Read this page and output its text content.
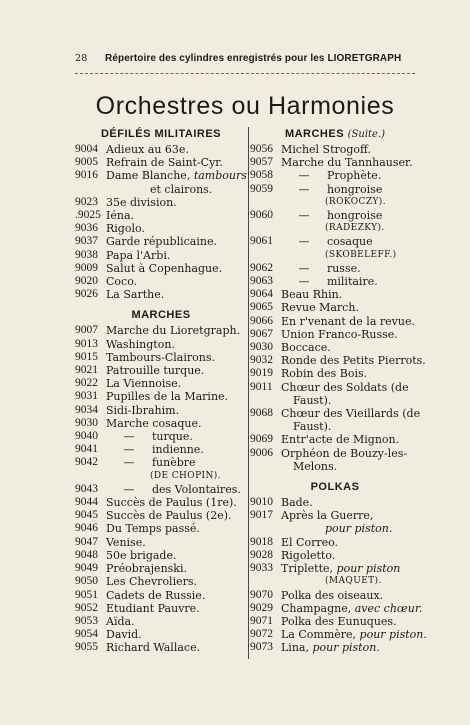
28 Répertoire des cylindres enregistrés pour les LIORETGRAPH
Orchestres ou Harmonies
DÉFILÉS MILITAIRES
9004 Adieux au 63e.
9005 Refrain de Saint-Cyr.
9016 Dame Blanche, tambours
et clairons.
9023 35e division.
.9025 Iéna.
9036 Rigolo.
9037 Garde républicaine.
9038 Papa l'Arbi.
9009 Salut à Copenhague.
9020 Coco.
9026 La Sarthe.
MARCHES
9007 Marche du Lioretgraph.
9013 Washington.
9015 Tambours-Clairons.
9021 Patrouille turque.
9022 La Viennoise.
9031 Pupilles de la Marine.
9034 Sidi-Ibrahim.
9030 Marche cosaque.
9040 —     turque.
9041 —     indienne.
9042 —     funèbre
(DE CHOPIN).
9043 —     des Volontaires.
9044 Succès de Paulus (1re).
9045 Succès de Paulus (2e).
9046 Du Temps passé.
9047 Venise.
9048 50e brigade.
9049 Préobrajenski.
9050 Les Chevroliers.
9051 Cadets de Russie.
9052 Etudiant Pauvre.
9053 Aïda.
9054 David.
9055 Richard Wallace.
MARCHES (Suite.)
9056 Michel Strogoff.
9057 Marche du Tannhauser.
9058 —     Prophète.
9059 —     hongroise
(ROKOCZY).
9060 —     hongroise
(RADEZKY).
9061 —     cosaque
(SKOBELEFF.)
9062 —     russe.
9063 —     militaire.
9064 Beau Rhin.
9065 Revue March.
9066 En r'venant de la revue.
9067 Union Franco-Russe.
9030 Boccace.
9032 Ronde des Petits Pierrots.
9019 Robin des Bois.
9011 Chœur des Soldats (de
Faust).
9068 Chœur des Vieillards (de
Faust).
9069 Entr'acte de Mignon.
9006 Orphéon de Bouzy-les-
Melons.
POLKAS
9010 Bade.
9017 Après la Guerre,
pour piston.
9018 El Correo.
9028 Rigoletto.
9033 Triplette, pour piston
(MAQUET).
9070 Polka des oiseaux.
9029 Champagne, avec chœur.
9071 Polka des Eunuques.
9072 La Commère, pour piston.
9073 Lina, pour piston.
